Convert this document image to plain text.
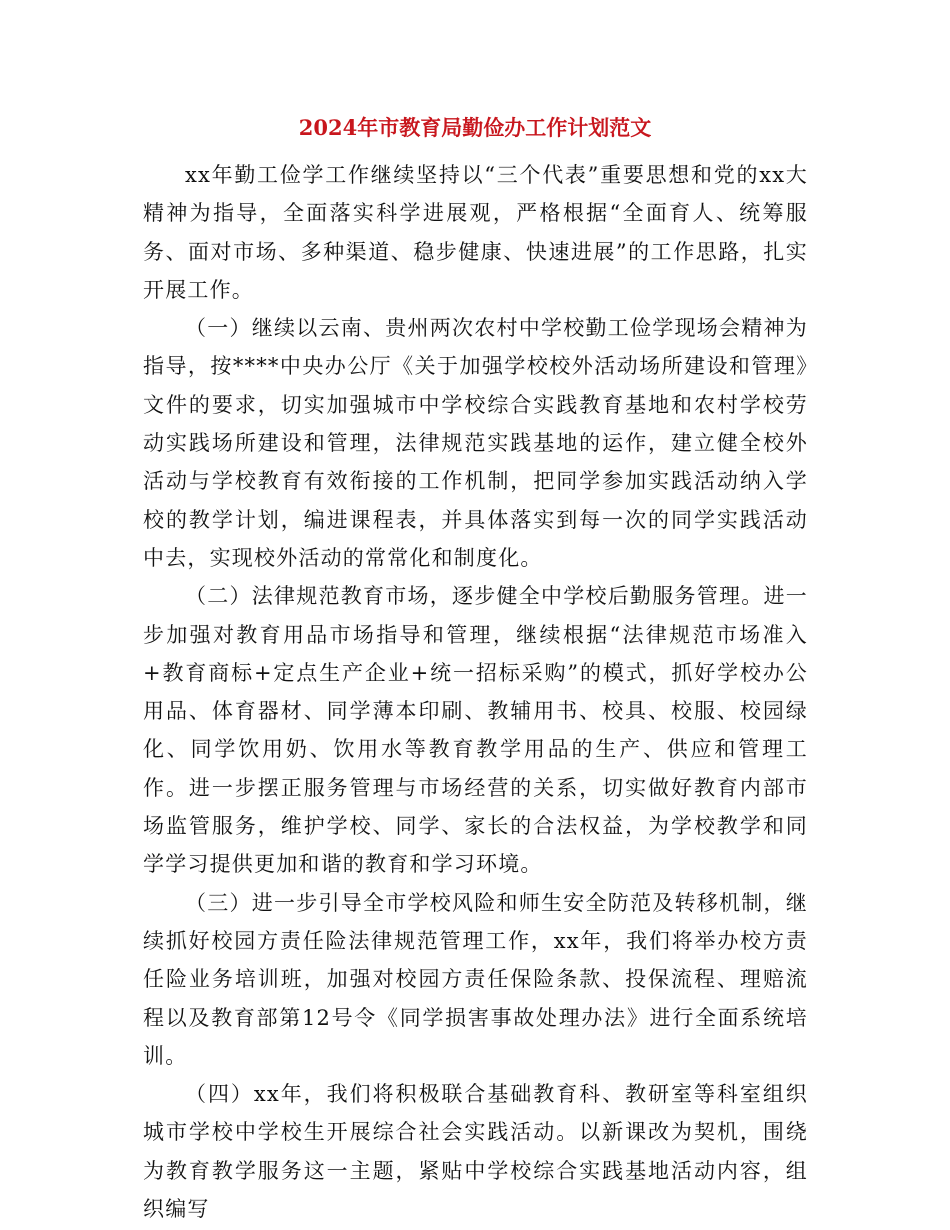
2024年市教育局勤俭办工作计划范文

xx年勤工俭学工作继续坚持以“三个代表”重要思想和党的xx大精神为指导，全面落实科学进展观，严格根据“全面育人、统筹服务、面对市场、多种渠道、稳步健康、快速进展”的工作思路，扎实开展工作。

（一）继续以云南、贵州两次农村中学校勤工俭学现场会精神为指导，按****中央办公厅《关于加强学校校外活动场所建设和管理》文件的要求，切实加强城市中学校综合实践教育基地和农村学校劳动实践场所建设和管理，法律规范实践基地的运作，建立健全校外活动与学校教育有效衔接的工作机制，把同学参加实践活动纳入学校的教学计划，编进课程表，并具体落实到每一次的同学实践活动中去，实现校外活动的常常化和制度化。

（二）法律规范教育市场，逐步健全中学校后勤服务管理。进一步加强对教育用品市场指导和管理，继续根据“法律规范市场准入+教育商标+定点生产企业+统一招标采购”的模式，抓好学校办公用品、体育器材、同学薄本印刷、教辅用书、校具、校服、校园绿化、同学饮用奶、饮用水等教育教学用品的生产、供应和管理工作。进一步摆正服务管理与市场经营的关系，切实做好教育内部市场监管服务，维护学校、同学、家长的合法权益，为学校教学和同学学习提供更加和谐的教育和学习环境。

（三）进一步引导全市学校风险和师生安全防范及转移机制，继续抓好校园方责任险法律规范管理工作，xx年，我们将举办校方责任险业务培训班，加强对校园方责任保险条款、投保流程、理赔流程以及教育部第12号令《同学损害事故处理办法》进行全面系统培训。

（四）xx年，我们将积极联合基础教育科、教研室等科室组织城市学校中学校生开展综合社会实践活动。以新课改为契机，围绕为教育教学服务这一主题，紧贴中学校综合实践基地活动内容，组织编写
